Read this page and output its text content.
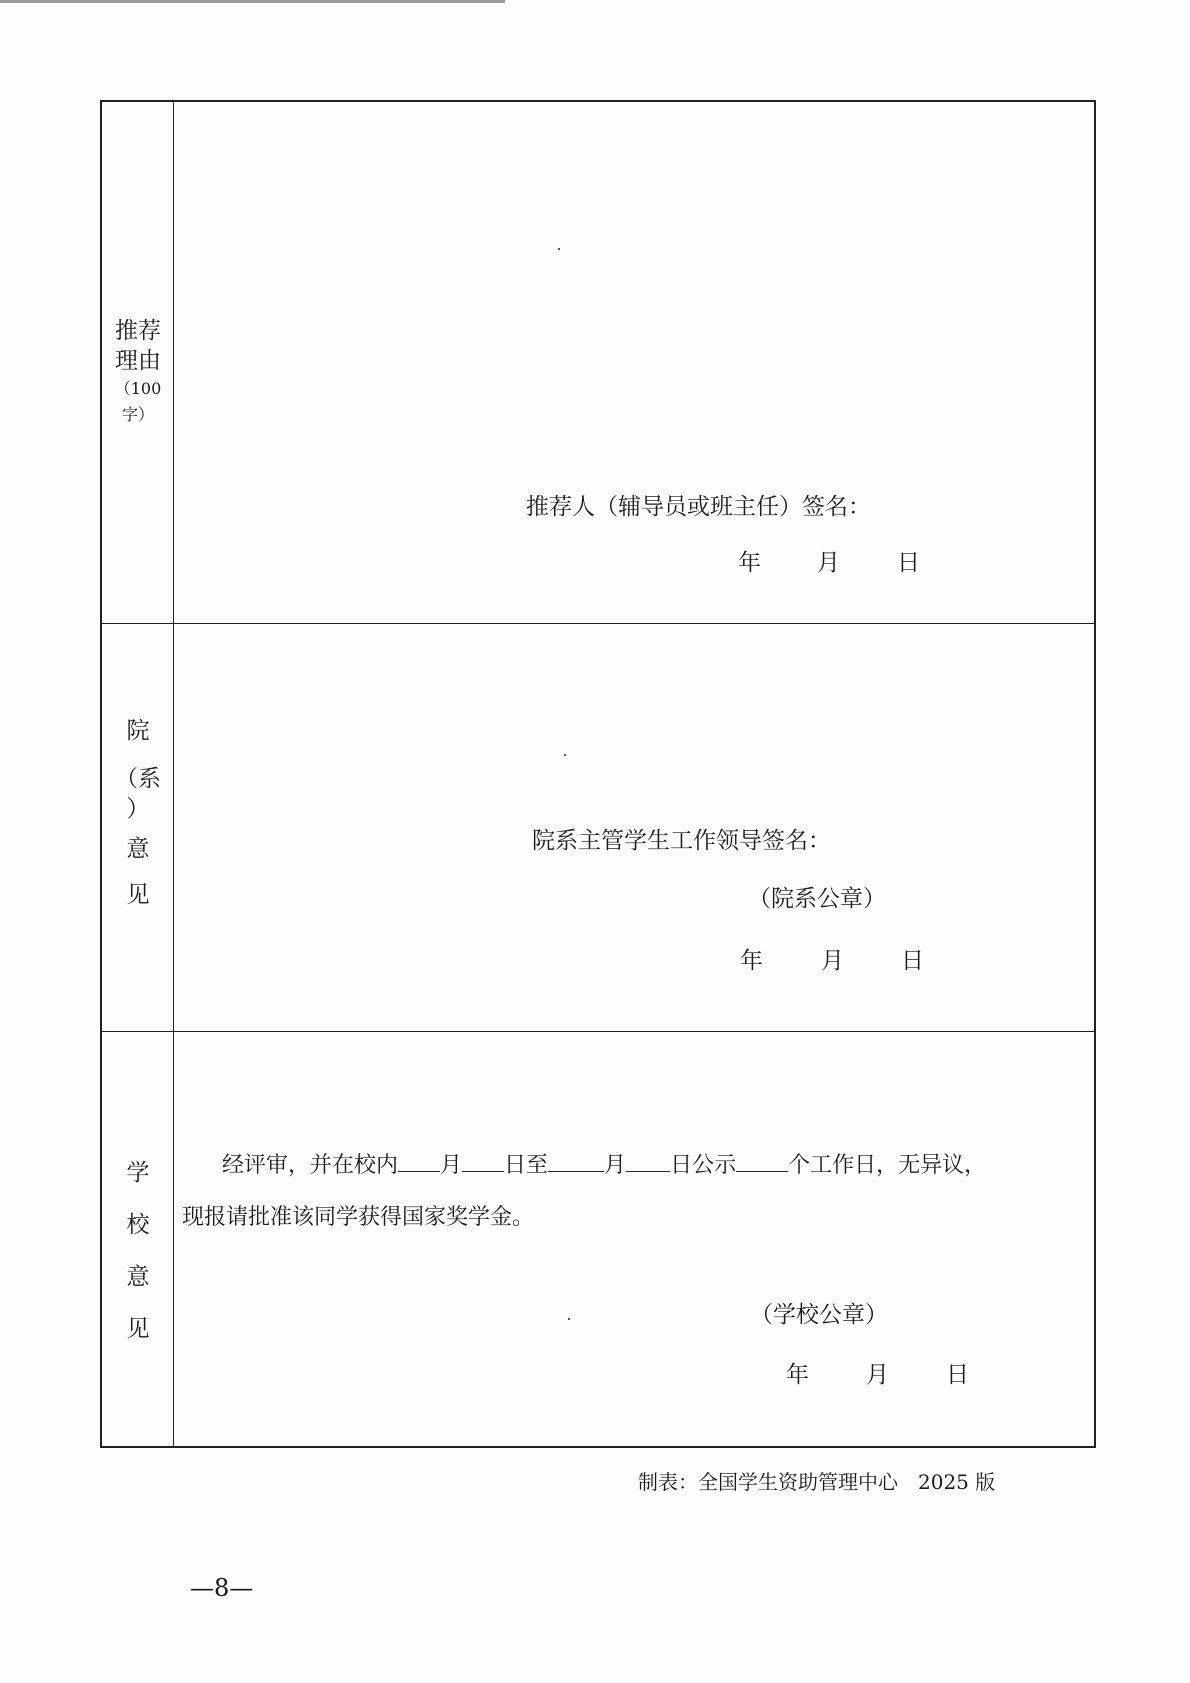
推荐
理由
（100
字）
推荐人（辅导员或班主任）签名：
年 月 日
院
（系
）
意
见
院系主管学生工作领导签名：
（院系公章）
年	月 日
学
校
意
见
经评审，并在校内 月 日至	月 日公示 个工作日，无异议，
现报请批准该同学获得国家奖学金。
（学校公章）
年 月 日
制表：全国学生资助管理中心　2025 版
—8—
